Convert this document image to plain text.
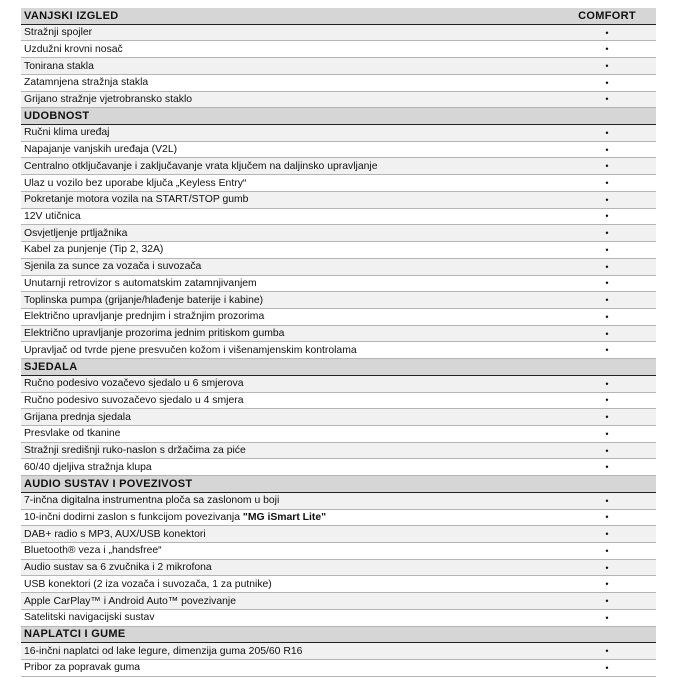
VANJSKI IZGLED	COMFORT
Stražnji spojler	•
Uzdužni krovni nosač	•
Tonirana stakla	•
Zatamnjena stražnja stakla	•
Grijano stražnje vjetrobransko staklo	•
UDOBNOST
Ručni klima uređaj	•
Napajanje vanjskih uređaja (V2L)	•
Centralno otključavanje i zaključavanje vrata ključem na daljinsko upravljanje	•
Ulaz u vozilo bez uporabe ključa „Keyless Entry“	•
Pokretanje motora vozila na START/STOP gumb	•
12V utičnica	•
Osvjetljenje prtljažnika	•
Kabel za punjenje (Tip 2, 32A)	•
Sjenila za sunce za vozača i suvozača	•
Unutarnji retrovizor s automatskim zatamnjivanjem	•
Toplinska pumpa (grijanje/hlađenje baterije i kabine)	•
Električno upravljanje prednjim i stražnjim prozorima	•
Električno upravljanje prozorima jednim pritiskom gumba	•
Upravljač od tvrde pjene presvučen kožom i višenamjenskim kontrolama	•
SJEDALA
Ručno podesivo vozačevo sjedalo u 6 smjerova	•
Ručno podesivo suvozačevo sjedalo u 4 smjera	•
Grijana prednja sjedala	•
Presvlake od tkanine	•
Stražnji središnji ruko-naslon s držačima za piće	•
60/40 djeljiva stražnja klupa	•
AUDIO SUSTAV I POVEZIVOST
7-inčna digitalna instrumentna ploča sa zaslonom u boji	•
10-inčni dodirni zaslon s funkcijom povezivanja "MG iSmart Lite"	•
DAB+ radio s MP3, AUX/USB konektori	•
Bluetooth® veza i „handsfree“	•
Audio sustav sa 6 zvučnika i 2 mikrofona	•
USB konektori (2 iza vozača i suvozača, 1 za putnike)	•
Apple CarPlay™ i Android Auto™ povezivanje	•
Satelitski navigacijski sustav	•
NAPLATCI I GUME
16-inčni naplatci od lake legure, dimenzija guma 205/60 R16	•
Pribor za popravak guma	•
